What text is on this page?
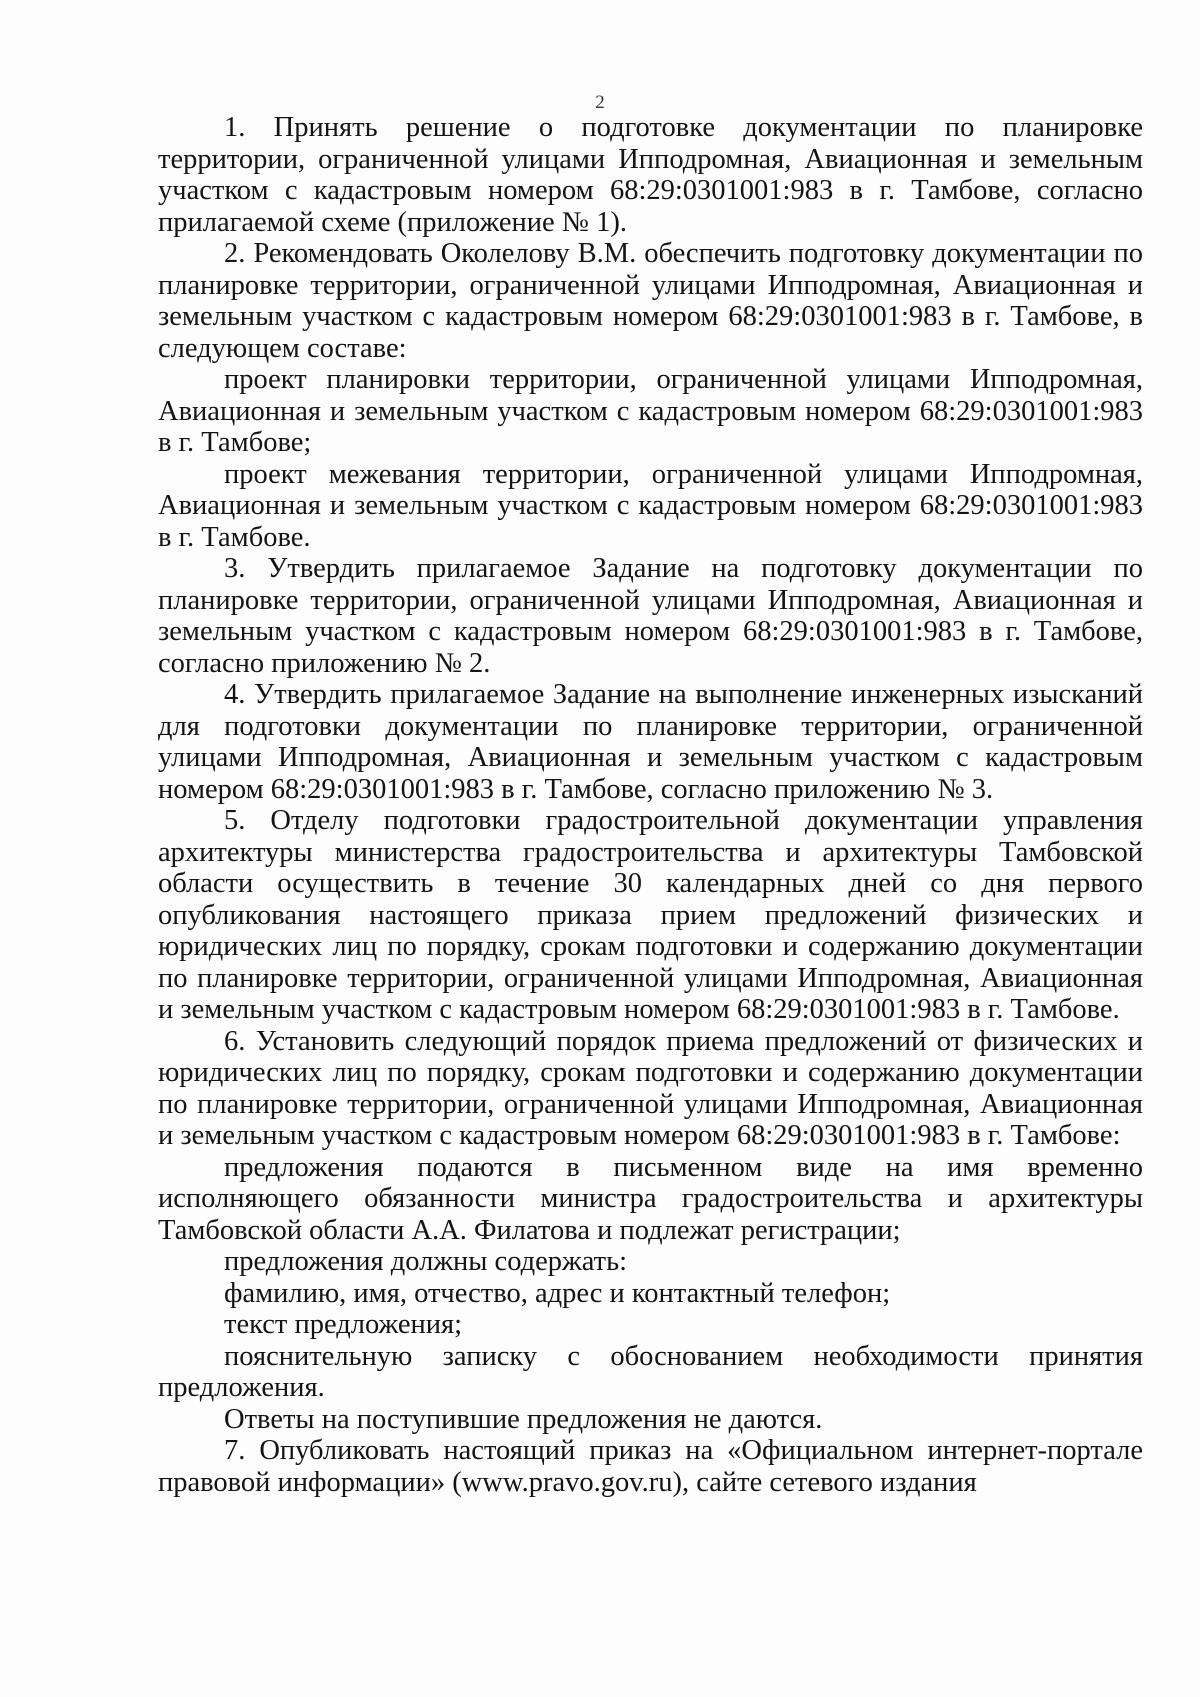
2

1. Принять решение о подготовке документации по планировке территории, ограниченной улицами Ипподромная, Авиационная и земельным участком с кадастровым номером 68:29:0301001:983 в г. Тамбове, согласно прилагаемой схеме (приложение № 1).

2. Рекомендовать Околелову В.М. обеспечить подготовку документации по планировке территории, ограниченной улицами Ипподромная, Авиационная и земельным участком с кадастровым номером 68:29:0301001:983 в г. Тамбове, в следующем составе:

проект планировки территории, ограниченной улицами Ипподромная, Авиационная и земельным участком с кадастровым номером 68:29:0301001:983 в г. Тамбове;

проект межевания территории, ограниченной улицами Ипподромная, Авиационная и земельным участком с кадастровым номером 68:29:0301001:983 в г. Тамбове.

3. Утвердить прилагаемое Задание на подготовку документации по планировке территории, ограниченной улицами Ипподромная, Авиационная и земельным участком с кадастровым номером 68:29:0301001:983 в г. Тамбове, согласно приложению № 2.

4. Утвердить прилагаемое Задание на выполнение инженерных изысканий для подготовки документации по планировке территории, ограниченной улицами Ипподромная, Авиационная и земельным участком с кадастровым номером 68:29:0301001:983 в г. Тамбове, согласно приложению № 3.

5. Отделу подготовки градостроительной документации управления архитектуры министерства градостроительства и архитектуры Тамбовской области осуществить в течение 30 календарных дней со дня первого опубликования настоящего приказа прием предложений физических и юридических лиц по порядку, срокам подготовки и содержанию документации по планировке территории, ограниченной улицами Ипподромная, Авиационная и земельным участком с кадастровым номером 68:29:0301001:983 в г. Тамбове.

6. Установить следующий порядок приема предложений от физических и юридических лиц по порядку, срокам подготовки и содержанию документации по планировке территории, ограниченной улицами Ипподромная, Авиационная и земельным участком с кадастровым номером 68:29:0301001:983 в г. Тамбове:

предложения подаются в письменном виде на имя временно исполняющего обязанности министра градостроительства и архитектуры Тамбовской области А.А. Филатова и подлежат регистрации;

предложения должны содержать:

фамилию, имя, отчество, адрес и контактный телефон;

текст предложения;

пояснительную записку с обоснованием необходимости принятия предложения.

Ответы на поступившие предложения не даются.

7. Опубликовать настоящий приказ на «Официальном интернет-портале правовой информации» (www.pravo.gov.ru), сайте сетевого издания
